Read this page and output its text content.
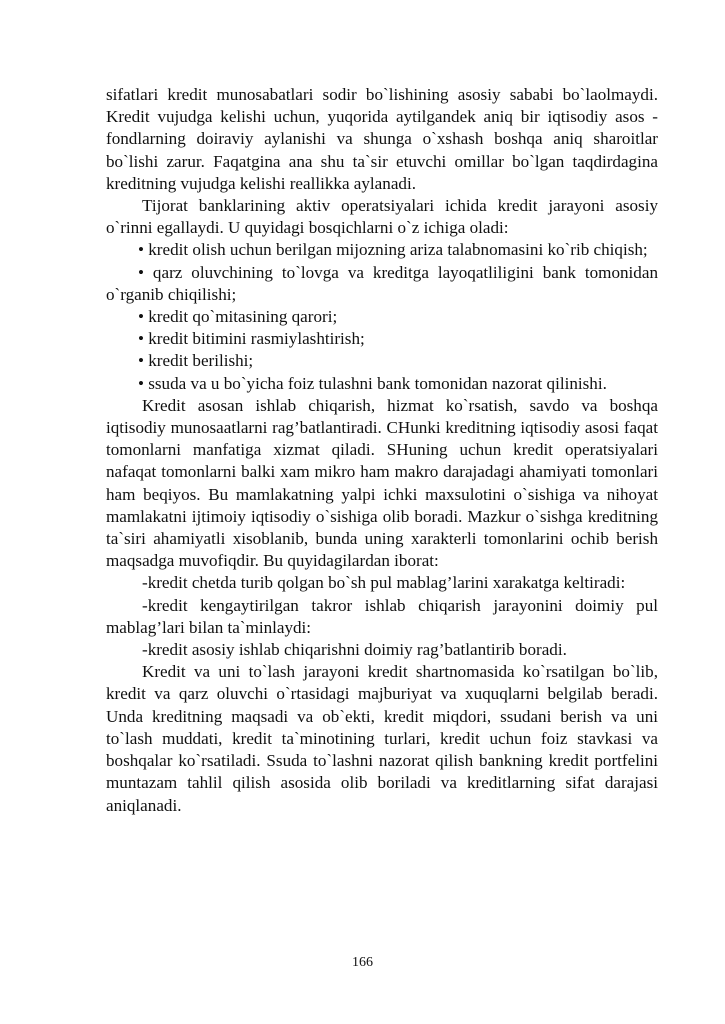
sifatlari kredit munosabatlari sodir bo`lishining asosiy sababi bo`laolmaydi. Kredit vujudga kelishi uchun, yuqorida aytilgandek aniq bir iqtisodiy asos -fondlarning doiraviy aylanishi va shunga o`xshash boshqa aniq sharoitlar bo`lishi zarur. Faqatgina ana shu ta`sir etuvchi omillar bo`lgan taqdirdagina kreditning vujudga kelishi reallikka aylanadi.

Tijorat banklarining aktiv operatsiyalari ichida kredit jarayoni asosiy o`rinni egallaydi. U quyidagi bosqichlarni o`z ichiga oladi:

• kredit olish uchun berilgan mijozning ariza talabnomasini ko`rib chiqish;

• qarz oluvchining to`lovga va kreditga layoqatliligini bank tomonidan o`rganib chiqilishi;

• kredit qo`mitasining qarori;

• kredit bitimini rasmiylashtirish;

• kredit berilishi;

• ssuda va u bo`yicha foiz tulashni bank tomonidan nazorat qilinishi.

Kredit asosan ishlab chiqarish, hizmat ko`rsatish, savdo va boshqa iqtisodiy munosaatlarni rag’batlantiradi. CHunki kreditning iqtisodiy asosi faqat tomonlarni manfatiga xizmat qiladi. SHuning uchun kredit operatsiyalari nafaqat tomonlarni balki xam mikro ham makro darajadagi ahamiyati tomonlari ham beqiyos. Bu mamlakatning yalpi ichki maxsulotini o`sishiga va nihoyat mamlakatni ijtimoiy iqtisodiy o`sishiga olib boradi. Mazkur o`sishga kreditning ta`siri ahamiyatli xisoblanib, bunda uning xarakterli tomonlarini ochib berish maqsadga muvofiqdir. Bu quyidagilardan iborat:

-kredit chetda turib qolgan bo`sh pul mablag’larini xarakatga keltiradi:

-kredit kengaytirilgan takror ishlab chiqarish jarayonini doimiy pul mablag’lari bilan ta`minlaydi:

-kredit asosiy ishlab chiqarishni doimiy rag’batlantirib boradi.

Kredit va uni to`lash jarayoni kredit shartnomasida ko`rsatilgan bo`lib, kredit va qarz oluvchi o`rtasidagi majburiyat va xuquqlarni belgilab beradi. Unda kreditning maqsadi va ob`ekti, kredit miqdori, ssudani berish va uni to`lash muddati, kredit ta`minotining turlari, kredit uchun foiz stavkasi va boshqalar ko`rsatiladi. Ssuda to`lashni nazorat qilish bankning kredit portfelini muntazam tahlil qilish asosida olib boriladi va kreditlarning sifat darajasi aniqlanadi.

166
